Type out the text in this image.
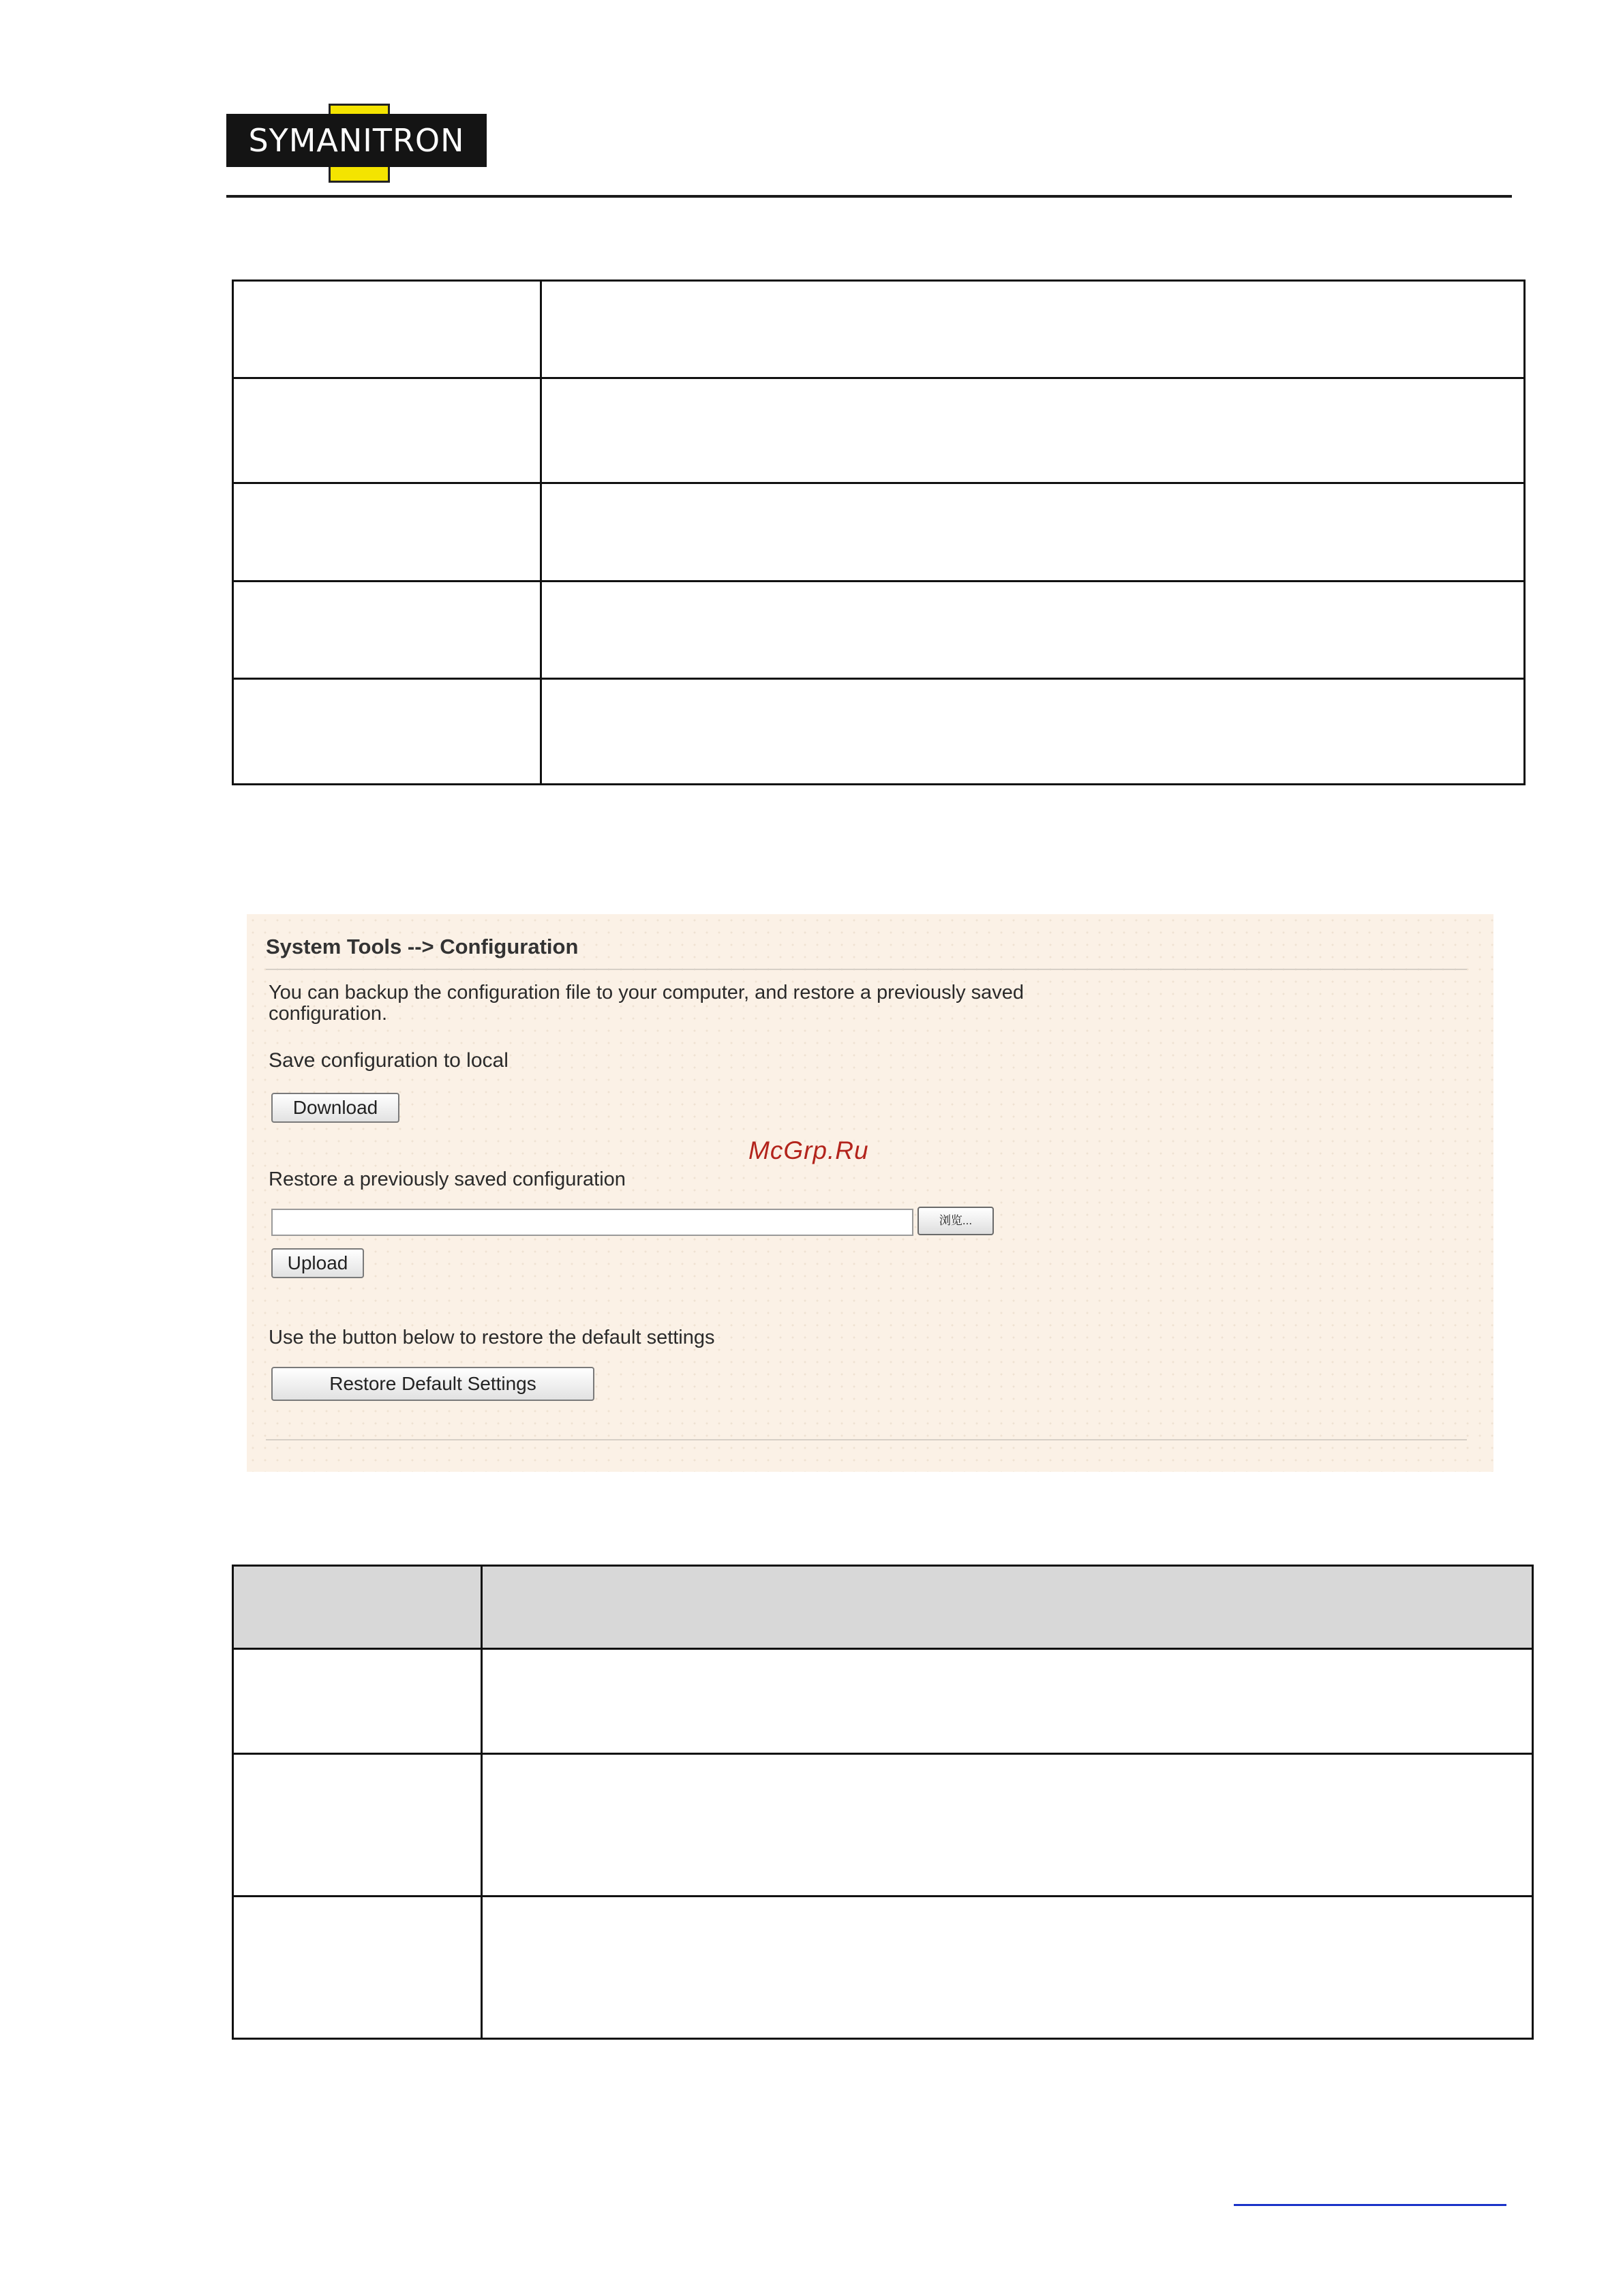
SYMANITRON

System Tools --> Configuration
You can backup the configuration file to your computer, and restore a previously saved
configuration.
Save configuration to local
Download
Restore a previously saved configuration
浏览...
Upload
Use the button below to restore the default settings
Restore Default Settings
McGrp.Ru
